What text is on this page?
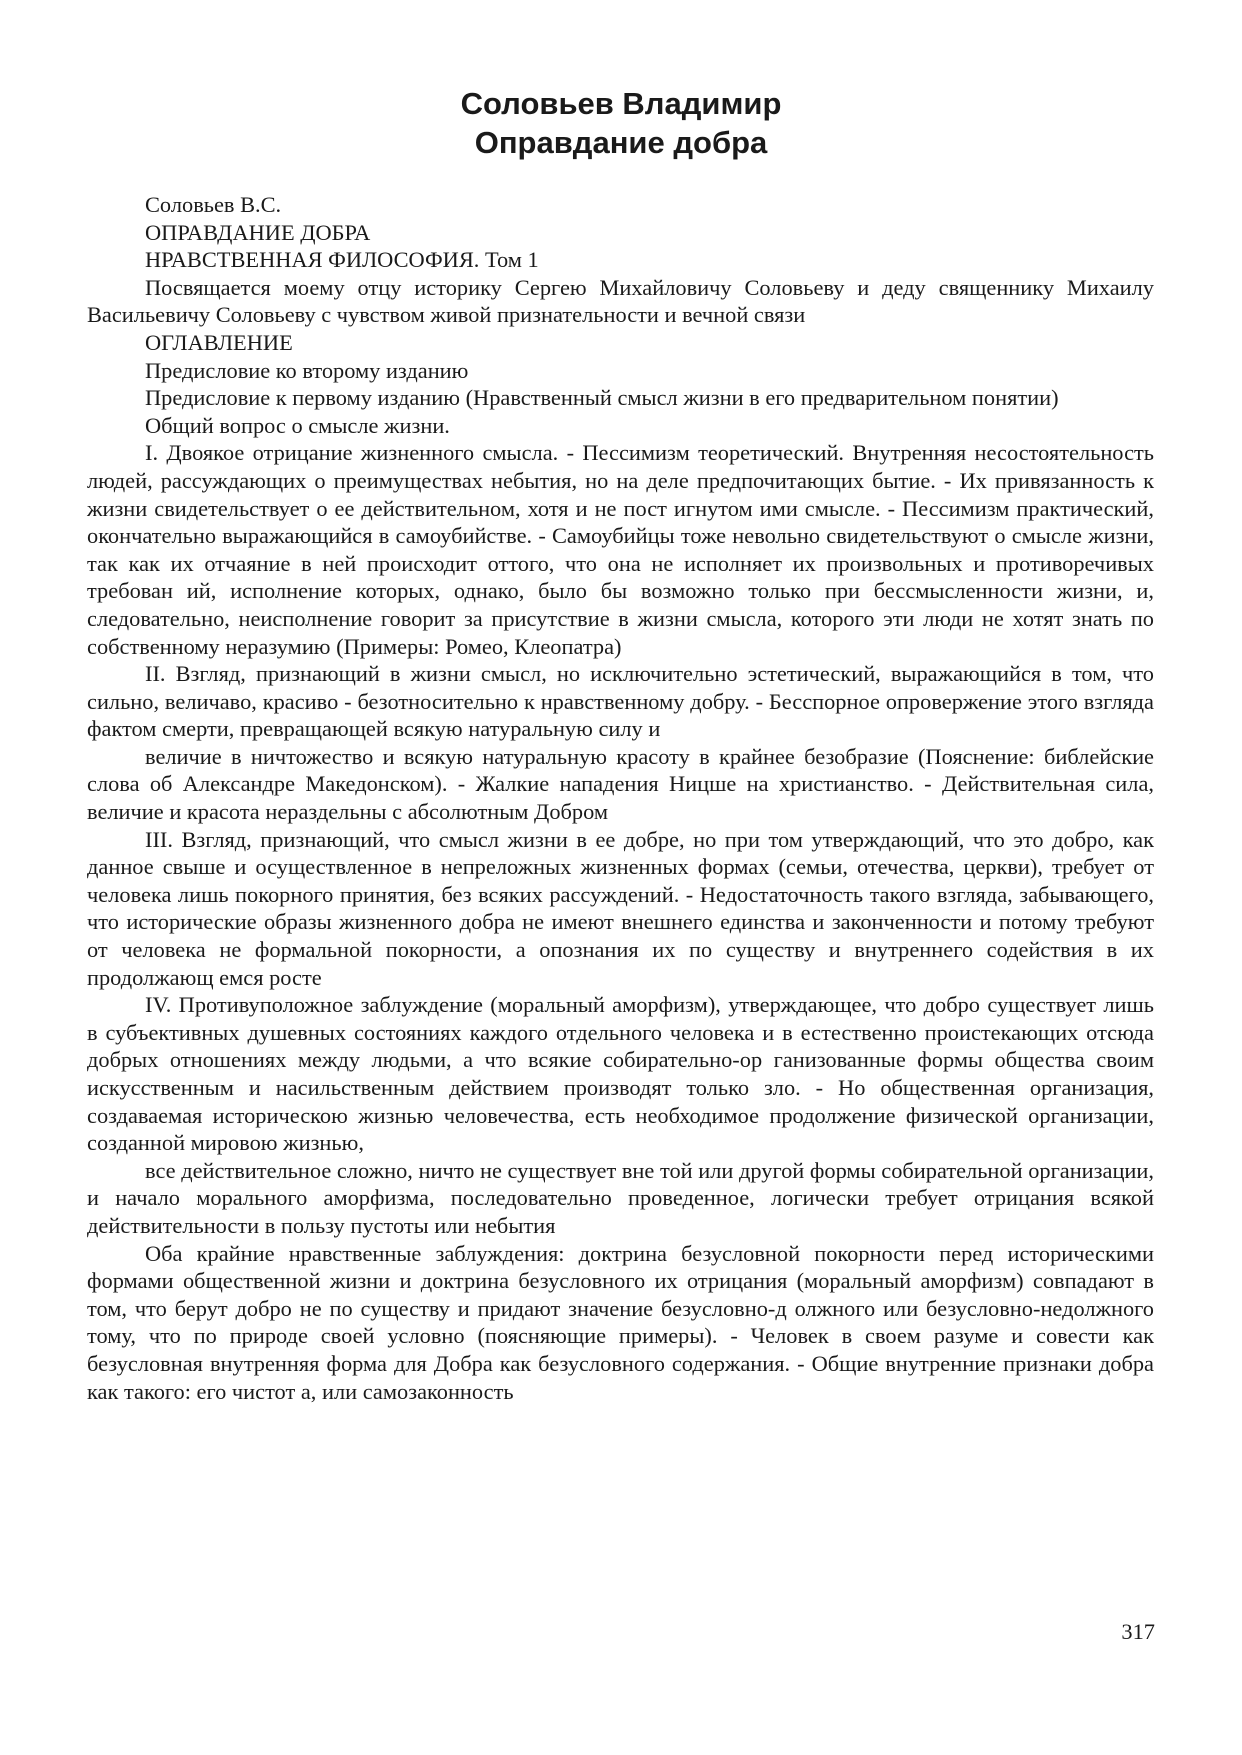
Соловьев Владимир
Оправдание добра

Соловьев В.С.

ОПРАВДАНИЕ ДОБРА

НРАВСТВЕННАЯ ФИЛОСОФИЯ. Том 1

Посвящается моему отцу историку Сергею Михайловичу Соловьеву и деду священнику Михаилу Васильевичу Соловьеву с чувством живой признательности и вечной связи

ОГЛАВЛЕНИЕ

Предисловие ко второму изданию

Предисловие к первому изданию (Нравственный смысл жизни в его предварительном понятии)

Общий вопрос о смысле жизни.

I. Двоякое отрицание жизненного смысла. - Пессимизм теоретический. Внутренняя несостоятельность людей, рассуждающих о преимуществах небытия, но на деле предпочитающих бытие. - Их привязанность к жизни свидетельствует о ее действительном, хотя и не пост игнутом ими смысле. - Пессимизм практический, окончательно выражающийся в самоубийстве. - Самоубийцы тоже невольно свидетельствуют о смысле жизни, так как их отчаяние в ней происходит оттого, что она не исполняет их произвольных и противоречивых требован ий, исполнение которых, однако, было бы возможно только при бессмысленности жизни, и, следовательно, неисполнение говорит за присутствие в жизни смысла, которого эти люди не хотят знать по собственному неразумию (Примеры: Ромео, Клеопатра)

II. Взгляд, признающий в жизни смысл, но исключительно эстетический, выражающийся в том, что сильно, величаво, красиво - безотносительно к нравственному добру. - Бесспорное опровержение этого взгляда фактом смерти, превращающей всякую натуральную силу и

величие в ничтожество и всякую натуральную красоту в крайнее безобразие (Пояснение: библейские слова об Александре Македонском). - Жалкие нападения Ницше на христианство. - Действительная сила, величие и красота нераздельны с абсолютным Добром

III. Взгляд, признающий, что смысл жизни в ее добре, но при том утверждающий, что это добро, как данное свыше и осуществленное в непреложных жизненных формах (семьи, отечества, церкви), требует от человека лишь покорного принятия, без всяких рассуждений. - Недостаточность такого взгляда, забывающего, что исторические образы жизненного добра не имеют внешнего единства и законченности и потому требуют от человека не формальной покорности, а опознания их по существу и внутреннего содействия в их продолжающ емся росте

IV. Противуположное заблуждение (моральный аморфизм), утверждающее, что добро существует лишь в субъективных душевных состояниях каждого отдельного человека и в естественно проистекающих отсюда добрых отношениях между людьми, а что всякие собирательно-ор ганизованные формы общества своим искусственным и насильственным действием производят только зло. - Но общественная организация, создаваемая историческою жизнью человечества, есть необходимое продолжение физической организации, созданной мировою жизнью,

все действительное сложно, ничто не существует вне той или другой формы собирательной организации, и начало морального аморфизма, последовательно проведенное, логически требует отрицания всякой действительности в пользу пустоты или небытия

Оба крайние нравственные заблуждения: доктрина безусловной покорности перед историческими формами общественной жизни и доктрина безусловного их отрицания (моральный аморфизм) совпадают в том, что берут добро не по существу и придают значение безусловно-д олжного или безусловно-недолжного тому, что по природе своей условно (поясняющие примеры). - Человек в своем разуме и совести как безусловная внутренняя форма для Добра как безусловного содержания. - Общие внутренние признаки добра как такого: его чистот а, или самозаконность

317
